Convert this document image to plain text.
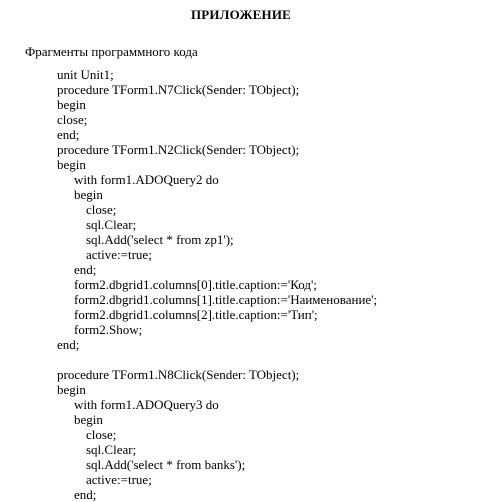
ПРИЛОЖЕНИЕ
Фрагменты программного кода
unit Unit1;
procedure TForm1.N7Click(Sender: TObject);
begin
close;
end;
procedure TForm1.N2Click(Sender: TObject);
begin
with form1.ADOQuery2 do
begin
close;
sql.Clear;
sql.Add('select * from zp1');
active:=true;
end;
form2.dbgrid1.columns[0].title.caption:='Код';
form2.dbgrid1.columns[1].title.caption:='Наименование';
form2.dbgrid1.columns[2].title.caption:='Тип';
form2.Show;
end;
procedure TForm1.N8Click(Sender: TObject);
begin
with form1.ADOQuery3 do
begin
close;
sql.Clear;
sql.Add('select * from banks');
active:=true;
end;
